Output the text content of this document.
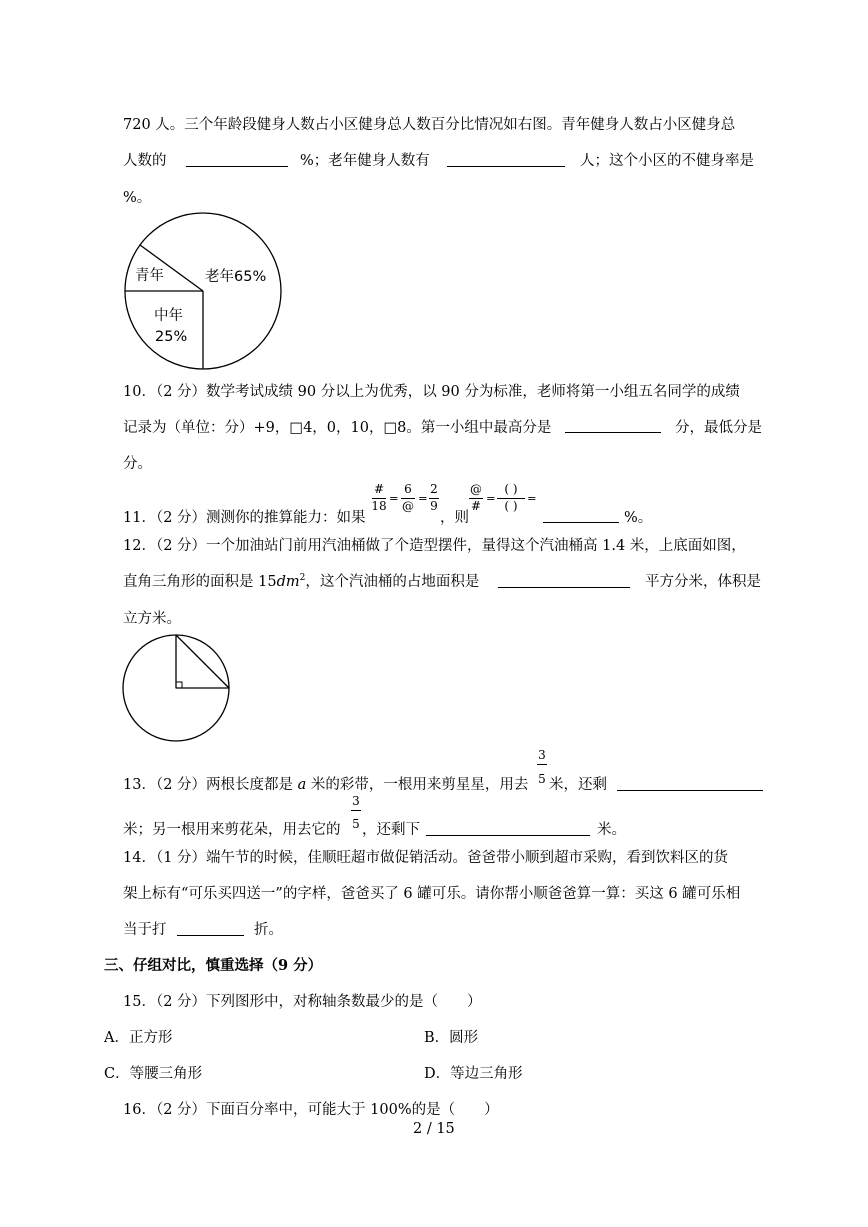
720 人。三个年龄段健身人数占小区健身总人数百分比情况如右图。青年健身人数占小区健身总
人数的	%；老年健身人数有	人；这个小区的不健身率是
%。
老年65%
青年
中年
25%
10．（2 分）数学考试成绩 90 分以上为优秀，以 90 分为标准，老师将第一小组五名同学的成绩
记录为（单位：分）+9，□4，0，10，□8。第一小组中最高分是	分，最低分是
分。
11．（2 分）测测你的推算能力：如果
#
18
=
6
@
=
2
9
，则
@
#
=
( )
( )
=
%。
12．（2 分）一个加油站门前用汽油桶做了个造型摆件，量得这个汽油桶高 1.4 米，上底面如图，
直角三角形的面积是 $15dm^2$，这个汽油桶的占地面积是	平方分米，体积是
立方米。
13．（2 分）两根长度都是 a 米的彩带，一根用来剪星星，用去
3
5 米，还剩
米；另一根用来剪花朵，用去它的
3
5 ，还剩下	米。
14．（1 分）端午节的时候，佳顺旺超市做促销活动。爸爸带小顺到超市采购，看到饮料区的货
架上标有“可乐买四送一”的字样，爸爸买了 6 罐可乐。请你帮小顺爸爸算一算：买这 6 罐可乐相
当于打	折。
三、仔组对比，慎重选择（9 分）
15．（2 分）下列图形中，对称轴条数最少的是（　　）
A．正方形	B．圆形
C．等腰三角形	D．等边三角形
16．（2 分）下面百分率中，可能大于 100%的是（　　）
2 / 15
